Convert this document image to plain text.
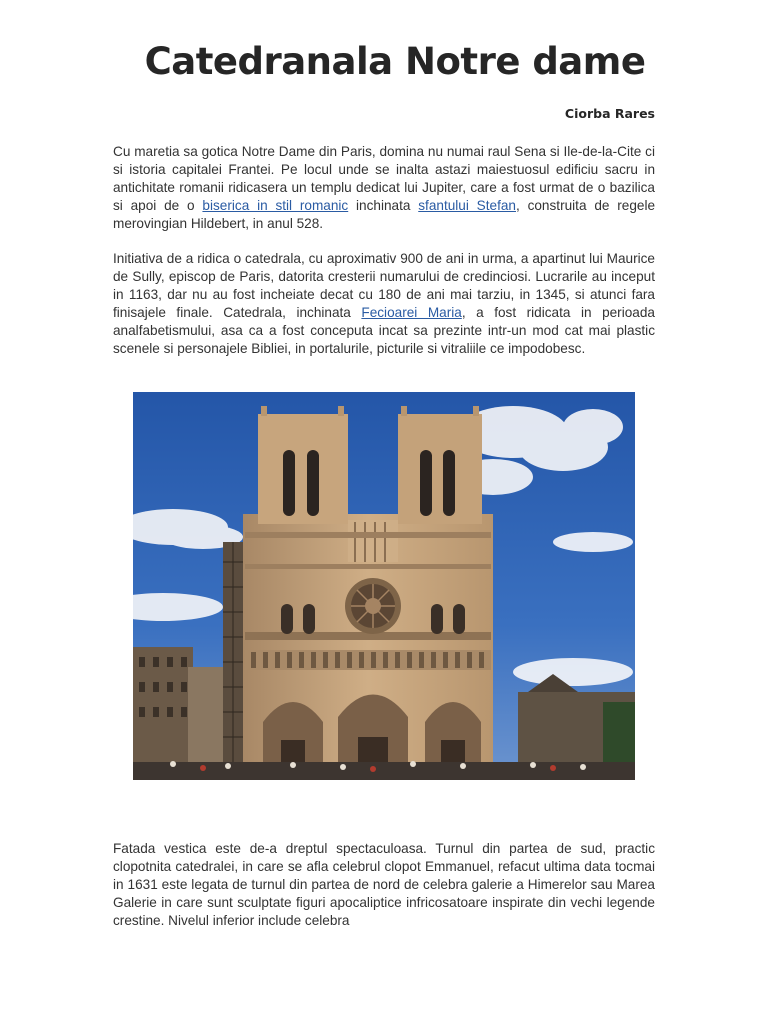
Catedranala Notre dame

Ciorba Rares

Cu maretia sa gotica Notre Dame din Paris, domina nu numai raul Sena si Ile-de-la-Cite ci si istoria capitalei Frantei. Pe locul unde se inalta astazi maiestuosul edificiu sacru in antichitate romanii ridicasera un templu dedicat lui Jupiter, care a fost urmat de o bazilica si apoi de o biserica in stil romanic inchinata sfantului Stefan, construita de regele merovingian Hildebert, in anul 528.

Initiativa de a ridica o catedrala, cu aproximativ 900 de ani in urma, a apartinut lui Maurice de Sully, episcop de Paris, datorita cresterii numarului de credinciosi. Lucrarile au inceput in 1163, dar nu au fost incheiate decat cu 180 de ani mai tarziu, in 1345, si atunci fara finisajele finale. Catedrala, inchinata Fecioarei Maria, a fost ridicata in perioada analfabetismului, asa ca a fost conceputa incat sa prezinte intr-un mod cat mai plastic scenele si personajele Bibliei, in portalurile, picturile si vitraliile ce impodobesc.

Fatada vestica este de-a dreptul spectaculoasa. Turnul din partea de sud, practic clopotnita catedralei, in care se afla celebrul clopot Emmanuel, refacut ultima data tocmai in 1631 este legata de turnul din partea de nord de celebra galerie a Himerelor sau Marea Galerie in care sunt sculptate figuri apocaliptice infricosatoare inspirate din vechi legende crestine. Nivelul inferior include celebra
